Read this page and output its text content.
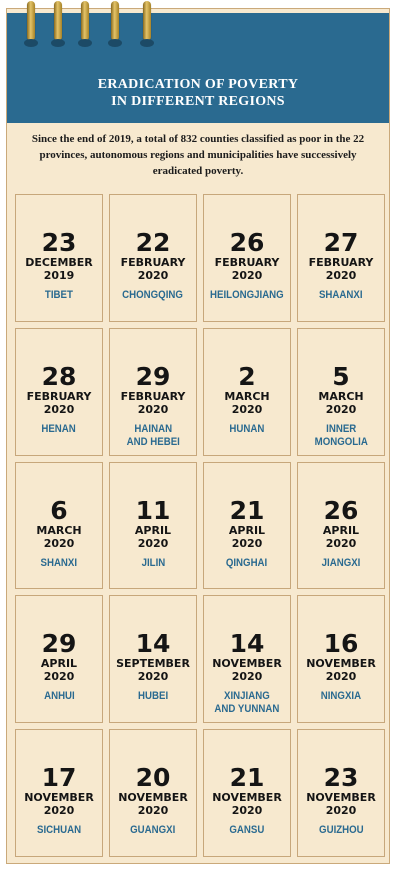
ERADICATION OF POVERTY
IN DIFFERENT REGIONS
Since the end of 2019, a total of 832 counties classified as poor in the 22 provinces, autonomous regions and municipalities have successively eradicated poverty.
23
DECEMBER
2019
TIBET
22
FEBRUARY
2020
CHONGQING
26
FEBRUARY
2020
HEILONGJIANG
27
FEBRUARY
2020
SHAANXI
28
FEBRUARY
2020
HENAN
29
FEBRUARY
2020
HAINAN
AND HEBEI
2
MARCH
2020
HUNAN
5
MARCH
2020
INNER
MONGOLIA
6
MARCH
2020
SHANXI
11
APRIL
2020
JILIN
21
APRIL
2020
QINGHAI
26
APRIL
2020
JIANGXI
29
APRIL
2020
ANHUI
14
SEPTEMBER
2020
HUBEI
14
NOVEMBER
2020
XINJIANG
AND YUNNAN
16
NOVEMBER
2020
NINGXIA
17
NOVEMBER
2020
SICHUAN
20
NOVEMBER
2020
GUANGXI
21
NOVEMBER
2020
GANSU
23
NOVEMBER
2020
GUIZHOU
